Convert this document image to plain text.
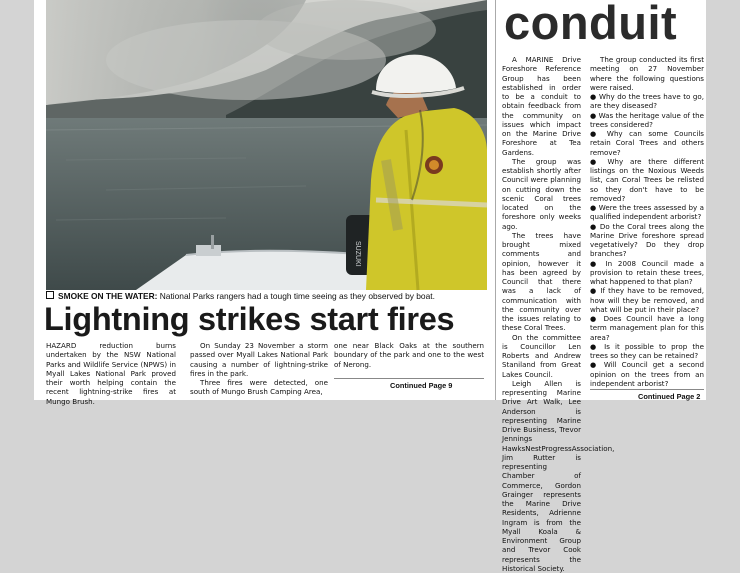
SUZUKI
SMOKE ON THE WATER: National Parks rangers had a tough time seeing as they observed by boat.
Lightning strikes start fires

HAZARD reduction burns undertaken by the NSW National Parks and Wildlife Service (NPWS) in Myall Lakes National Park proved their worth helping contain the recent lightning-strike fires at Mungo Brush.

On Sunday 23 November a storm passed over Myall Lakes National Park causing a number of lightning-strike fires in the park.

Three fires were detected, one south of Mungo Brush Camping Area,

one near Black Oaks at the southern boundary of the park and one to the west of Nerong.

Continued Page 9
conduit

A MARINE Drive Foreshore Reference Group has been established in order to be a conduit to obtain feedback from the community on issues which impact on the Marine Drive Foreshore at Tea Gardens.

The group was establish shortly after Council were planning on cutting down the scenic Coral trees located on the foreshore only weeks ago.

The trees have brought mixed comments and opinion, however it has been agreed by Council that there was a lack of communication with the community over the issues relating to these Coral Trees.

On the committee is Councillor Len Roberts and Andrew Staniland from Great Lakes Council.

Leigh Allen is representing Marine Drive Art Walk, Lee Anderson is representing Marine Drive Business, Trevor Jennings HawksNestProgressAssociation, Jim Rutter is representing Chamber of Commerce, Gordon Grainger represents the Marine Drive Residents, Adrienne Ingram is from the Myall Koala & Environment Group and Trevor Cook represents the Historical Society.

The group conducted its first meeting on 27 November where the following questions were raised.

● Why do the trees have to go, are they diseased?

● Was the heritage value of the trees considered?

● Why can some Councils retain Coral Trees and others remove?

● Why are there different listings on the Noxious Weeds list, can Coral Trees be relisted so they don't have to be removed?

● Were the trees assessed by a qualified independent arborist?

● Do the Coral trees along the Marine Drive foreshore spread vegetatively? Do they drop branches?

● In 2008 Council made a provision to retain these trees, what happened to that plan?

● If they have to be removed, how will they be removed, and what will be put in their place?

● Does Council have a long term management plan for this area?

● Is it possible to prop the trees so they can be retained?

● Will Council get a second opinion on the trees from an independent arborist?

Continued Page 2
